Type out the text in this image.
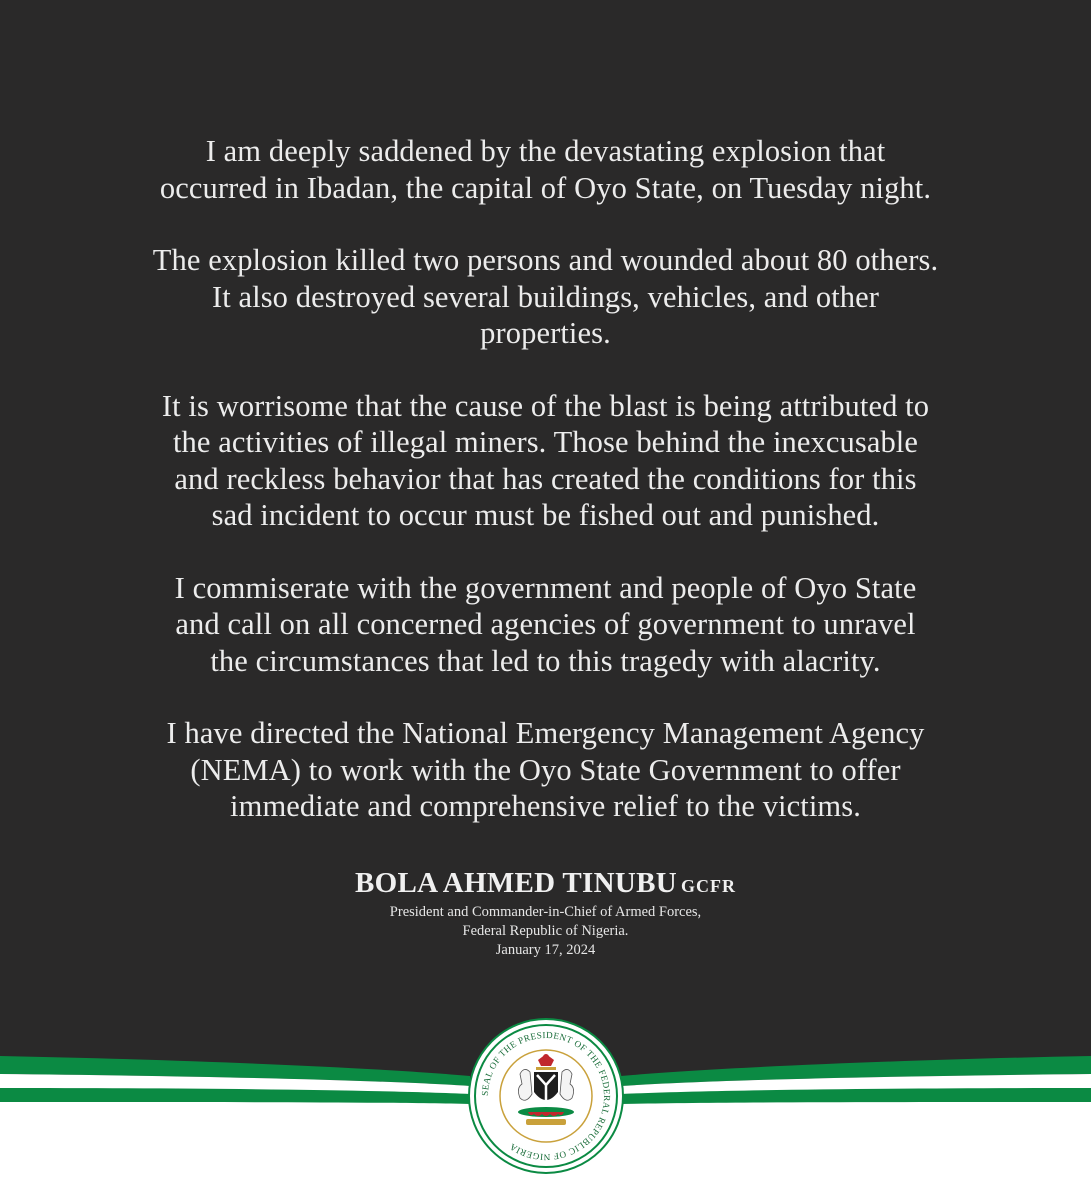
I am deeply saddened by the devastating explosion that
occurred in Ibadan, the capital of Oyo State, on Tuesday night.

The explosion killed two persons and wounded about 80 others.
It also destroyed several buildings, vehicles, and other
properties.

It is worrisome that the cause of the blast is being attributed to
the activities of illegal miners. Those behind the inexcusable
and reckless behavior that has created the conditions for this
sad incident to occur must be fished out and punished.

I commiserate with the government and people of Oyo State
and call on all concerned agencies of government to unravel
the circumstances that led to this tragedy with alacrity.

I have directed the National Emergency Management Agency
(NEMA) to work with the Oyo State Government to offer
immediate and comprehensive relief to the victims.

BOLA AHMED TINUBU GCFR
President and Commander-in-Chief of Armed Forces,
Federal Republic of Nigeria.
January 17, 2024
SEAL OF THE PRESIDENT OF THE FEDERAL REPUBLIC OF NIGERIA
